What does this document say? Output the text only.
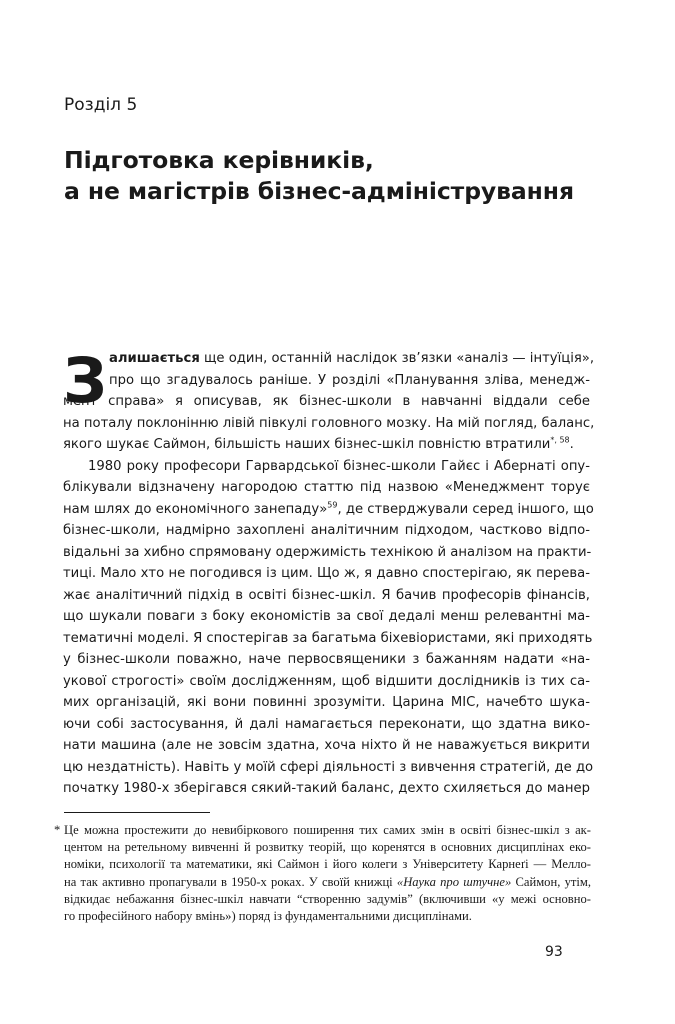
Розділ 5
Підготовка керівників,
а не магістрів бізнес-адміністрування
З алишається ще один, останній наслідок зв’язки «аналіз — інтуїція»,
про що згадувалось раніше. У розділі «Планування зліва, менедж-
мент справа» я описував, як бізнес-школи в навчанні віддали себе
на поталу поклонінню лівій півкулі головного мозку. На мій погляд, баланс,
якого шукає Саймон, більшість наших бізнес-шкіл повністю втратили$^{*, 58}$.
1980 року професори Гарвардської бізнес-школи Гайєс і Абернаті опу-
блікували відзначену нагородою статтю під назвою «Менеджмент торує
нам шлях до економічного занепаду»$^{59}$, де стверджували серед іншого, що
бізнес-школи, надмірно захоплені аналітичним підходом, частково відпо-
відальні за хибно спрямовану одержимість технікою й аналізом на практи-
тиці. Мало хто не погодився із цим. Що ж, я давно спостерігаю, як перева-
жає аналітичний підхід в освіті бізнес-шкіл. Я бачив професорів фінансів,
що шукали поваги з боку економістів за свої дедалі менш релевантні ма-
тематичні моделі. Я спостерігав за багатьма біхевіористами, які приходять
у бізнес-школи поважно, наче первосвященики з бажанням надати «на-
укової строгості» своїм дослідженням, щоб відшити дослідників із тих са-
мих організацій, які вони повинні зрозуміти. Царина МІС, начебто шука-
ючи собі застосування, й далі намагається переконати, що здатна вико-
нати машина (але не зовсім здатна, хоча ніхто й не наважується викрити
цю нездатність). Навіть у моїй сфері діяльності з вивчення стратегій, де до
початку 1980-х зберігався сякий-такий баланс, дехто схиляється до манер
* Це можна простежити до невибіркового поширення тих самих змін в освіті бізнес-шкіл з ак-
центом на ретельному вивченні й розвитку теорій, що коренятся в основних дисциплінах еко-
номіки, психології та математики, які Саймон і його колеги з Університету Карнеґі — Мелло-
на так активно пропагували в 1950-х роках. У своїй книжці «Наука про штучне» Саймон, утім,
відкидає небажання бізнес-шкіл навчати “створенню задумів” (включивши «у межі основно-
го професійного набору вмінь») поряд із фундаментальними дисциплінами.
93
